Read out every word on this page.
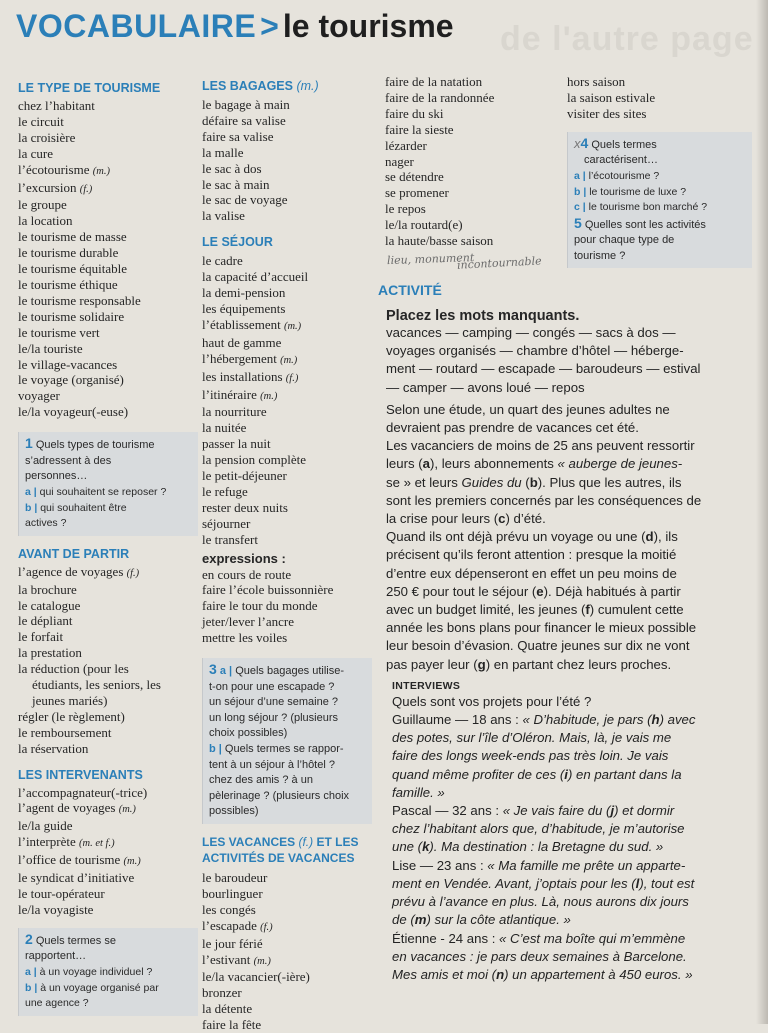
de l'autre page
VOCABULAIRE > le tourisme
LE TYPE DE TOURISME
chez l’habitant
le circuit
la croisière
la cure
l’écotourisme (m.)
l’excursion (f.)
le groupe
la location
le tourisme de masse
le tourisme durable
le tourisme équitable
le tourisme éthique
le tourisme responsable
le tourisme solidaire
le tourisme vert
le/la touriste
le village-vacances
le voyage (organisé)
voyager
le/la voyageur(-euse)
1 Quels types de tourisme
s’adressent à des
personnes…
a | qui souhaitent se reposer ?
b | qui souhaitent être
actives ?
AVANT DE PARTIR
l’agence de voyages (f.)
la brochure
le catalogue
le dépliant
le forfait
la prestation
la réduction (pour les
étudiants, les seniors, les
jeunes mariés)
régler (le règlement)
le remboursement
la réservation
LES INTERVENANTS
l’accompagnateur(-trice)
l’agent de voyages (m.)
le/la guide
l’interprète (m. et f.)
l’office de tourisme (m.)
le syndicat d’initiative
le tour-opérateur
le/la voyagiste
2 Quels termes se
rapportent…
a | à un voyage individuel ?
b | à un voyage organisé par
une agence ?
LES BAGAGES (m.)
le bagage à main
défaire sa valise
faire sa valise
la malle
le sac à dos
le sac à main
le sac de voyage
la valise
LE SÉJOUR
le cadre
la capacité d’accueil
la demi-pension
les équipements
l’établissement (m.)
haut de gamme
l’hébergement (m.)
les installations (f.)
l’itinéraire (m.)
la nourriture
la nuitée
passer la nuit
la pension complète
le petit-déjeuner
le refuge
rester deux nuits
séjourner
le transfert
expressions :
en cours de route
faire l’école buissonnière
faire le tour du monde
jeter/lever l’ancre
mettre les voiles
3 a | Quels bagages utilise-
t-on pour une escapade ?
un séjour d’une semaine ?
un long séjour ? (plusieurs
choix possibles)
b | Quels termes se rappor-
tent à un séjour à l’hôtel ?
chez des amis ? à un
pèlerinage ? (plusieurs choix
possibles)
LES VACANCES (f.) ET LES
ACTIVITÉS DE VACANCES
le baroudeur
bourlinguer
les congés
l’escapade (f.)
le jour férié
l’estivant (m.)
le/la vacancier(-ière)
bronzer
la détente
faire la fête
faire de la natation
faire de la randonnée
faire du ski
faire la sieste
lézarder
nager
se détendre
se promener
le repos
le/la routard(e)
la haute/basse saison
lieu, monument
incontournable
hors saison
la saison estivale
visiter des sites
x4 Quels termes
caractérisent…
a | l’écotourisme ?
b | le tourisme de luxe ?
c | le tourisme bon marché ?
5 Quelles sont les activités
pour chaque type de
tourisme ?
ACTIVITÉ
Placez les mots manquants.
vacances — camping — congés — sacs à dos —
voyages organisés — chambre d’hôtel — héberge-
ment — routard — escapade — baroudeurs — estival
— camper — avons loué — repos
Selon une étude, un quart des jeunes adultes ne
devraient pas prendre de vacances cet été.
Les vacanciers de moins de 25 ans peuvent ressortir
leurs (a), leurs abonnements « auberge de jeunes-
se » et leurs Guides du (b). Plus que les autres, ils
sont les premiers concernés par les conséquences de
la crise pour leurs (c) d’été.
Quand ils ont déjà prévu un voyage ou une (d), ils
précisent qu’ils feront attention : presque la moitié
d’entre eux dépenseront en effet un peu moins de
250 € pour tout le séjour (e). Déjà habitués à partir
avec un budget limité, les jeunes (f) cumulent cette
année les bons plans pour financer le mieux possible
leur besoin d’évasion. Quatre jeunes sur dix ne vont
pas payer leur (g) en partant chez leurs proches.
INTERVIEWS
Quels sont vos projets pour l’été ?
Guillaume — 18 ans : « D’habitude, je pars (h) avec
des potes, sur l’île d’Oléron. Mais, là, je vais me
faire des longs week-ends pas très loin. Je vais
quand même profiter de ces (i) en partant dans la
famille. »
Pascal — 32 ans : « Je vais faire du (j) et dormir
chez l’habitant alors que, d’habitude, je m’autorise
une (k). Ma destination : la Bretagne du sud. »
Lise — 23 ans : « Ma famille me prête un apparte-
ment en Vendée. Avant, j’optais pour les (l), tout est
prévu à l’avance en plus. Là, nous aurons dix jours
de (m) sur la côte atlantique. »
Étienne - 24 ans : « C’est ma boîte qui m’emmène
en vacances : je pars deux semaines à Barcelone.
Mes amis et moi (n) un appartement à 450 euros. »
